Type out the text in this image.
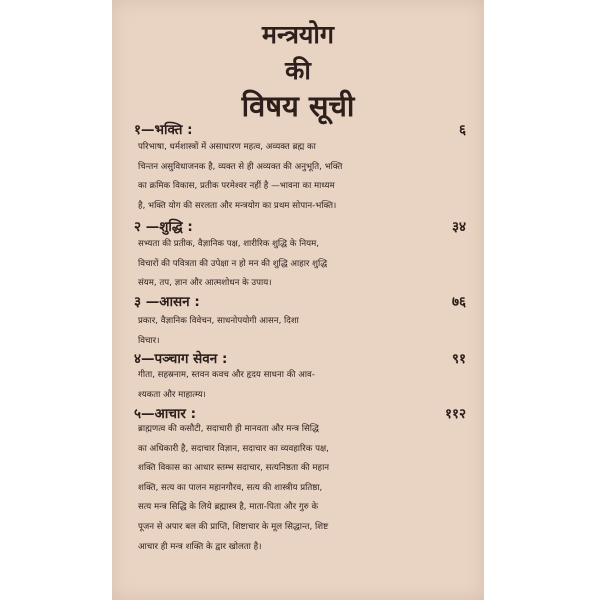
मन्त्रयोग
की
विषय सूची
१—भक्ति :	६
परिभाषा, धर्मशास्त्रों में असाधारण महत्व, अव्यक्त ब्रह्म का
चिन्तन असुविधाजनक है, व्यक्त से ही अव्यक्त की अनुभूति, भक्ति
का क्रमिक विकास, प्रतीक परमेश्वर नहीं है —भावना का माध्यम
है, भक्ति योग की सरलता और मन्त्रयोग का प्रथम सोपान-भक्ति।
२ —शुद्धि :	३४
सभ्यता की प्रतीक, वैज्ञानिक पक्ष, शारीरिक शुद्धि के नियम,
विचारों की पवित्रता की उपेक्षा न हो मन की शुद्धि आहार शुद्धि
संयम, तप, ज्ञान और आत्मशोधन के उपाय।
३ —आसन :	७६
प्रकार, वैज्ञानिक विवेचन, साधनोपयोगी आसन, दिशा
विचार।
४—पञ्चाग सेवन :	९१
गीता, सहस्रनाम, स्तवन कवच और हृदय साधना की आव-
श्यकता और माहात्म्य।
५—आचार :	११२
ब्राह्मणत्व की कसौटी, सदाचारी ही मानवता और मन्त्र सिद्धि
का अधिकारी है, सदाचार विज्ञान, सदाचार का व्यवहारिक पक्ष,
शक्ति विकास का आधार स्तम्भ सदाचार, सत्यनिष्ठता की महान
शक्ति, सत्य का पालन महानगौरव, सत्य की शास्त्रीय प्रतिष्ठा,
सत्य मन्त्र सिद्धि के लिये ब्रह्मास्त्र है, माता-पिता और गुरु के
पूजन से अपार बल की प्राप्ति, शिष्टाचार के मूल सिद्धान्त, शिष्ट
आचार ही मन्त्र शक्ति के द्वार खोलता है।
